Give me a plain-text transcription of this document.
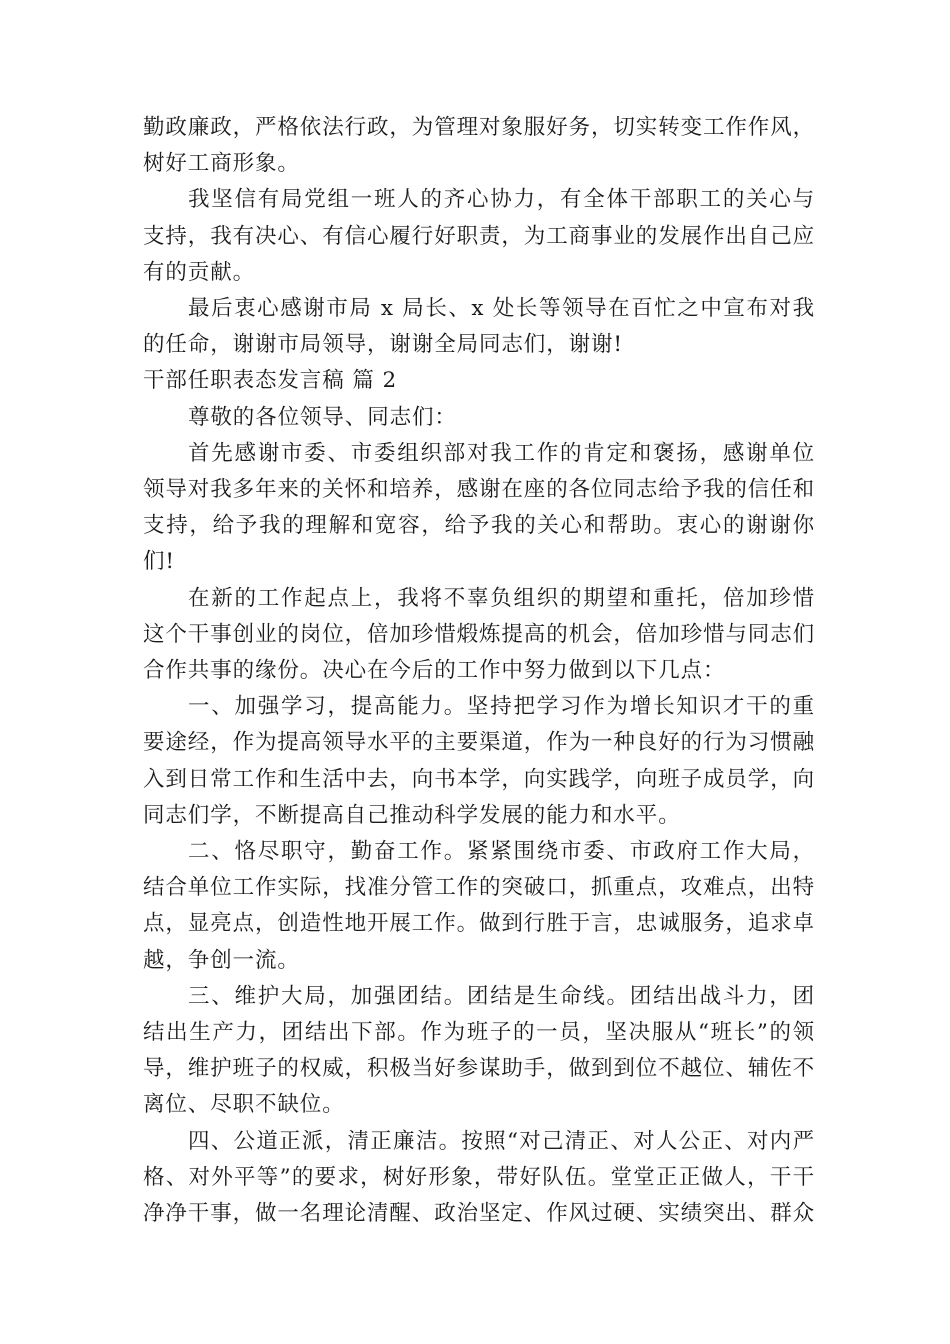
勤政廉政，严格依法行政，为管理对象服好务，切实转变工作作风，树好工商形象。

我坚信有局党组一班人的齐心协力，有全体干部职工的关心与支持，我有决心、有信心履行好职责，为工商事业的发展作出自己应有的贡献。

最后衷心感谢市局 x 局长、x 处长等领导在百忙之中宣布对我的任命，谢谢市局领导，谢谢全局同志们，谢谢!

干部任职表态发言稿 篇 2

尊敬的各位领导、同志们：

首先感谢市委、市委组织部对我工作的肯定和褒扬，感谢单位领导对我多年来的关怀和培养，感谢在座的各位同志给予我的信任和支持，给予我的理解和宽容，给予我的关心和帮助。衷心的谢谢你们!

在新的工作起点上，我将不辜负组织的期望和重托，倍加珍惜这个干事创业的岗位，倍加珍惜煅炼提高的机会，倍加珍惜与同志们合作共事的缘份。决心在今后的工作中努力做到以下几点：

一、加强学习，提高能力。坚持把学习作为增长知识才干的重要途经，作为提高领导水平的主要渠道，作为一种良好的行为习惯融入到日常工作和生活中去，向书本学，向实践学，向班子成员学，向同志们学，不断提高自己推动科学发展的能力和水平。

二、恪尽职守，勤奋工作。紧紧围绕市委、市政府工作大局，结合单位工作实际，找准分管工作的突破口，抓重点，攻难点，出特点，显亮点，创造性地开展工作。做到行胜于言，忠诚服务，追求卓越，争创一流。

三、维护大局，加强团结。团结是生命线。团结出战斗力，团结出生产力，团结出下部。作为班子的一员，坚决服从“班长”的领导，维护班子的权威，积极当好参谋助手，做到到位不越位、辅佐不离位、尽职不缺位。

四、公道正派，清正廉洁。按照“对己清正、对人公正、对内严格、对外平等”的要求，树好形象，带好队伍。堂堂正正做人，干干净净干事，做一名理论清醒、政治坚定、作风过硬、实绩突出、群众
